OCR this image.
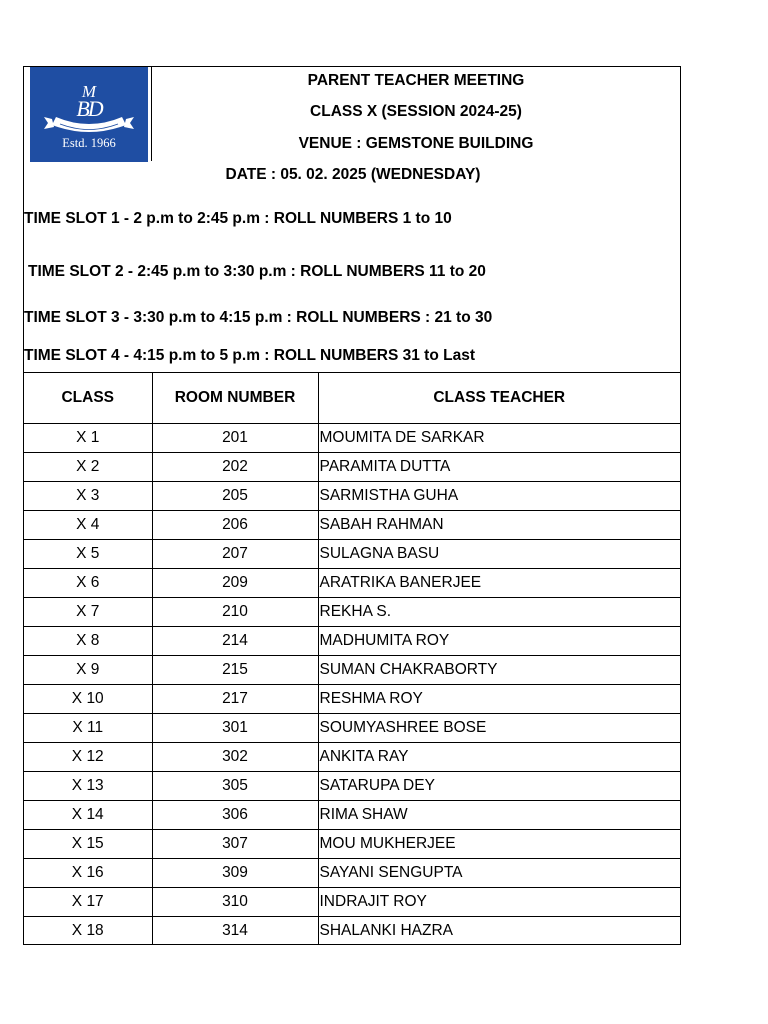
M
BD
Estd. 1966
PARENT TEACHER MEETING
CLASS X (SESSION 2024-25)
VENUE : GEMSTONE BUILDING
DATE : 05. 02. 2025 (WEDNESDAY)
TIME SLOT 1 - 2 p.m to 2:45 p.m : ROLL NUMBERS 1 to 10
TIME SLOT 2 - 2:45 p.m to 3:30 p.m : ROLL NUMBERS 11 to 20
TIME SLOT 3 - 3:30 p.m to 4:15 p.m : ROLL NUMBERS : 21 to 30
TIME SLOT 4 - 4:15 p.m to 5 p.m : ROLL NUMBERS 31 to Last
CLASS	ROOM NUMBER	CLASS TEACHER
X 1	201	MOUMITA DE SARKAR
X 2	202	PARAMITA DUTTA
X 3	205	SARMISTHA GUHA
X 4	206	SABAH RAHMAN
X 5	207	SULAGNA BASU
X 6	209	ARATRIKA BANERJEE
X 7	210	REKHA S.
X 8	214	MADHUMITA ROY
X 9	215	SUMAN CHAKRABORTY
X 10	217	RESHMA ROY
X 11	301	SOUMYASHREE BOSE
X 12	302	ANKITA RAY
X 13	305	SATARUPA DEY
X 14	306	RIMA SHAW
X 15	307	MOU MUKHERJEE
X 16	309	SAYANI SENGUPTA
X 17	310	INDRAJIT ROY
X 18	314	SHALANKI HAZRA
